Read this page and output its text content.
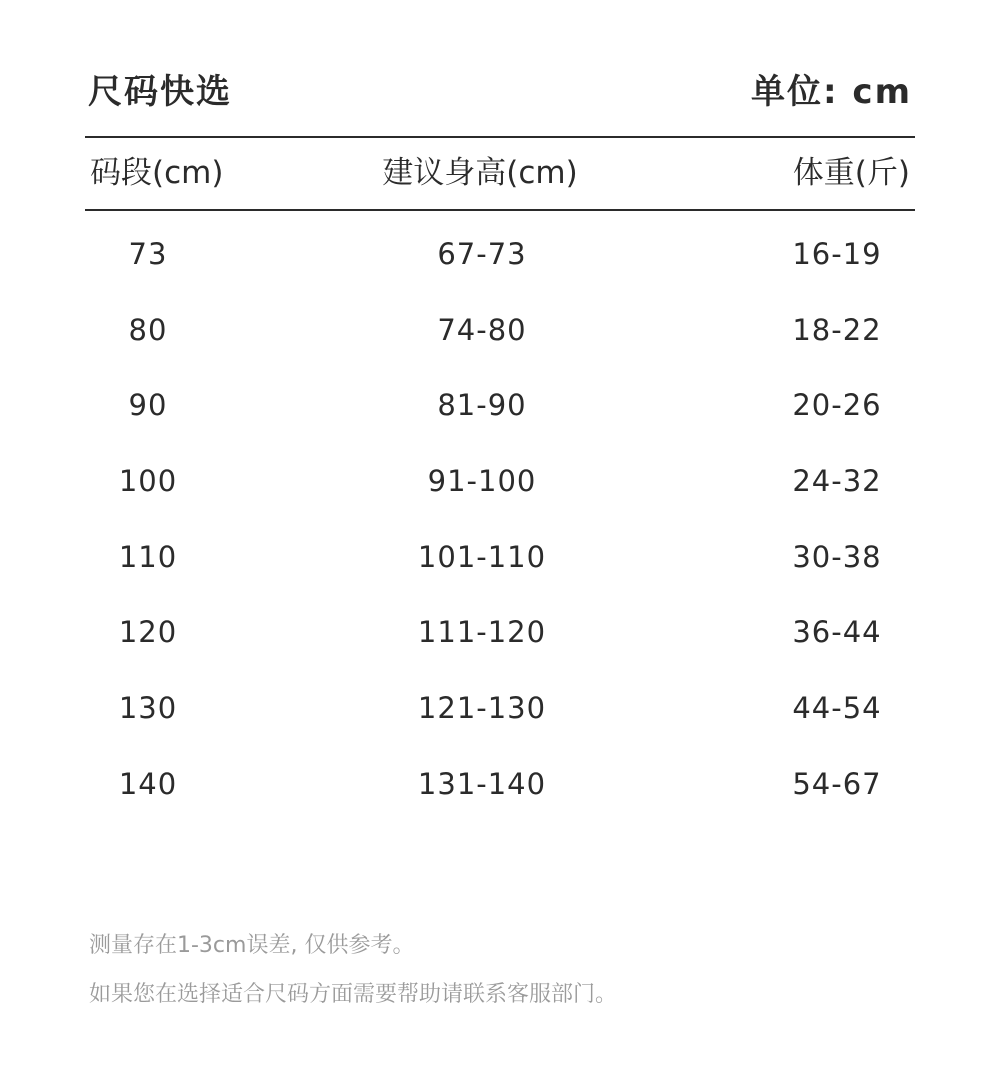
尺码快选	单位: cm
码段(cm)	建议身高(cm)	体重(斤)
73	67-73	16-19
80	74-80	18-22
90	81-90	20-26
100	91-100	24-32
110	101-110	30-38
120	111-120	36-44
130	121-130	44-54
140	131-140	54-67
测量存在1-3cm误差, 仅供参考。
如果您在选择适合尺码方面需要帮助请联系客服部门。
